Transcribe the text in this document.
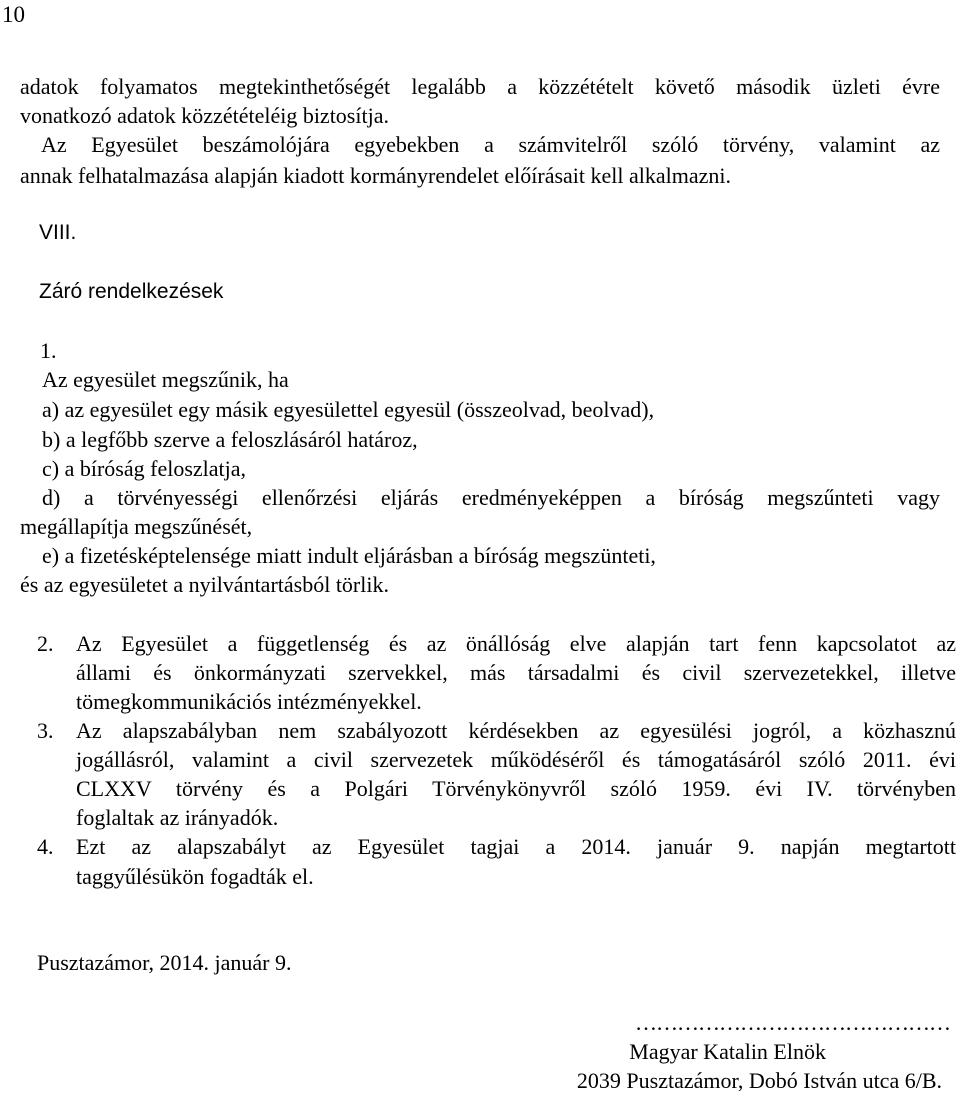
10
adatok folyamatos megtekinthetőségét legalább a közzétételt követő második üzleti évre
vonatkozó adatok közzétételéig biztosítja.
Az Egyesület beszámolójára egyebekben a számvitelről szóló törvény, valamint az
annak felhatalmazása alapján kiadott kormányrendelet előírásait kell alkalmazni.
VIII.
Záró rendelkezések
1.
Az egyesület megszűnik, ha
a) az egyesület egy másik egyesülettel egyesül (összeolvad, beolvad),
b) a legfőbb szerve a feloszlásáról határoz,
c) a bíróság feloszlatja,
d) a törvényességi ellenőrzési eljárás eredményeképpen a bíróság megszűnteti vagy
megállapítja megszűnését,
e) a fizetésképtelensége miatt indult eljárásban a bíróság megszünteti,
és az egyesületet a nyilvántartásból törlik.
2. Az Egyesület a függetlenség és az önállóság elve alapján tart fenn kapcsolatot az
állami és önkormányzati szervekkel, más társadalmi és civil szervezetekkel, illetve
tömegkommunikációs intézményekkel.
3. Az alapszabályban nem szabályozott kérdésekben az egyesülési jogról, a közhasznú
jogállásról, valamint a civil szervezetek működéséről és támogatásáról szóló 2011. évi
CLXXV törvény és a Polgári Törvénykönyvről szóló 1959. évi IV. törvényben
foglaltak az irányadók.
4. Ezt az alapszabályt az Egyesület tagjai a 2014. január 9. napján megtartott
taggyűlésükön fogadták el.
Pusztazámor, 2014. január 9.
………………………………………
Magyar Katalin Elnök
2039 Pusztazámor, Dobó István utca 6/B.
